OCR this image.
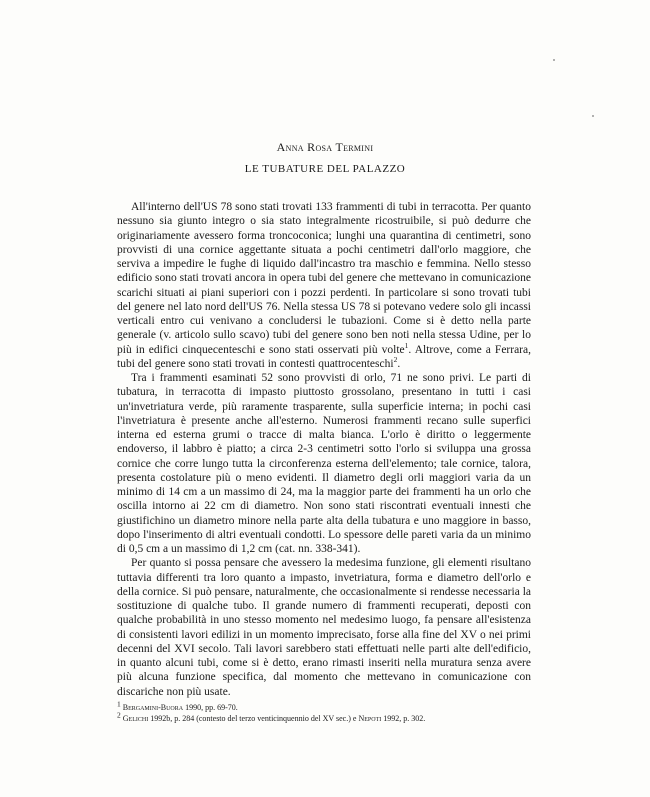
Anna Rosa Termini
LE TUBATURE DEL PALAZZO

All'interno dell'US 78 sono stati trovati 133 frammenti di tubi in terracotta. Per quanto nessuno sia giunto integro o sia stato integralmente ricostruibile, si può dedurre che originariamente avessero forma troncoconica; lunghi una quarantina di centimetri, sono provvisti di una cornice aggettante situata a pochi centimetri dall'orlo maggiore, che serviva a impedire le fughe di liquido dall'incastro tra maschio e femmina. Nello stesso edificio sono stati trovati ancora in opera tubi del genere che mettevano in comunicazione scarichi situati ai piani superiori con i pozzi perdenti. In particolare si sono trovati tubi del genere nel lato nord dell'US 76. Nella stessa US 78 si potevano vedere solo gli incassi verticali entro cui venivano a concludersi le tubazioni. Come si è detto nella parte generale (v. articolo sullo scavo) tubi del genere sono ben noti nella stessa Udine, per lo più in edifici cinquecenteschi e sono stati osservati più volte$^1$. Altrove, come a Ferrara, tubi del genere sono stati trovati in contesti quattrocenteschi$^2$.

Tra i frammenti esaminati 52 sono provvisti di orlo, 71 ne sono privi. Le parti di tubatura, in terracotta di impasto piuttosto grossolano, presentano in tutti i casi un'invetriatura verde, più raramente trasparente, sulla superficie interna; in pochi casi l'invetriatura è presente anche all'esterno. Numerosi frammenti recano sulle superfici interna ed esterna grumi o tracce di malta bianca. L'orlo è diritto o leggermente endoverso, il labbro è piatto; a circa 2-3 centimetri sotto l'orlo si sviluppa una grossa cornice che corre lungo tutta la circonferenza esterna dell'elemento; tale cornice, talora, presenta costolature più o meno evidenti. Il diametro degli orli maggiori varia da un minimo di 14 cm a un massimo di 24, ma la maggior parte dei frammenti ha un orlo che oscilla intorno ai 22 cm di diametro. Non sono stati riscontrati eventuali innesti che giustifichino un diametro minore nella parte alta della tubatura e uno maggiore in basso, dopo l'inserimento di altri eventuali condotti. Lo spessore delle pareti varia da un minimo di 0,5 cm a un massimo di 1,2 cm (cat. nn. 338-341).

Per quanto si possa pensare che avessero la medesima funzione, gli elementi risultano tuttavia differenti tra loro quanto a impasto, invetriatura, forma e diametro dell'orlo e della cornice. Si può pensare, naturalmente, che occasionalmente si rendesse necessaria la sostituzione di qualche tubo. Il grande numero di frammenti recuperati, deposti con qualche probabilità in uno stesso momento nel medesimo luogo, fa pensare all'esistenza di consistenti lavori edilizi in un momento imprecisato, forse alla fine del XV o nei primi decenni del XVI secolo. Tali lavori sarebbero stati effettuati nelle parti alte dell'edificio, in quanto alcuni tubi, come si è detto, erano rimasti inseriti nella muratura senza avere più alcuna funzione specifica, dal momento che mettevano in comunicazione con discariche non più usate.

$^1$ Bergamini-Buora 1990, pp. 69-70.

$^2$ Gelichi 1992b, p. 284 (contesto del terzo venticinquennio del XV sec.) e Nepoti 1992, p. 302.
